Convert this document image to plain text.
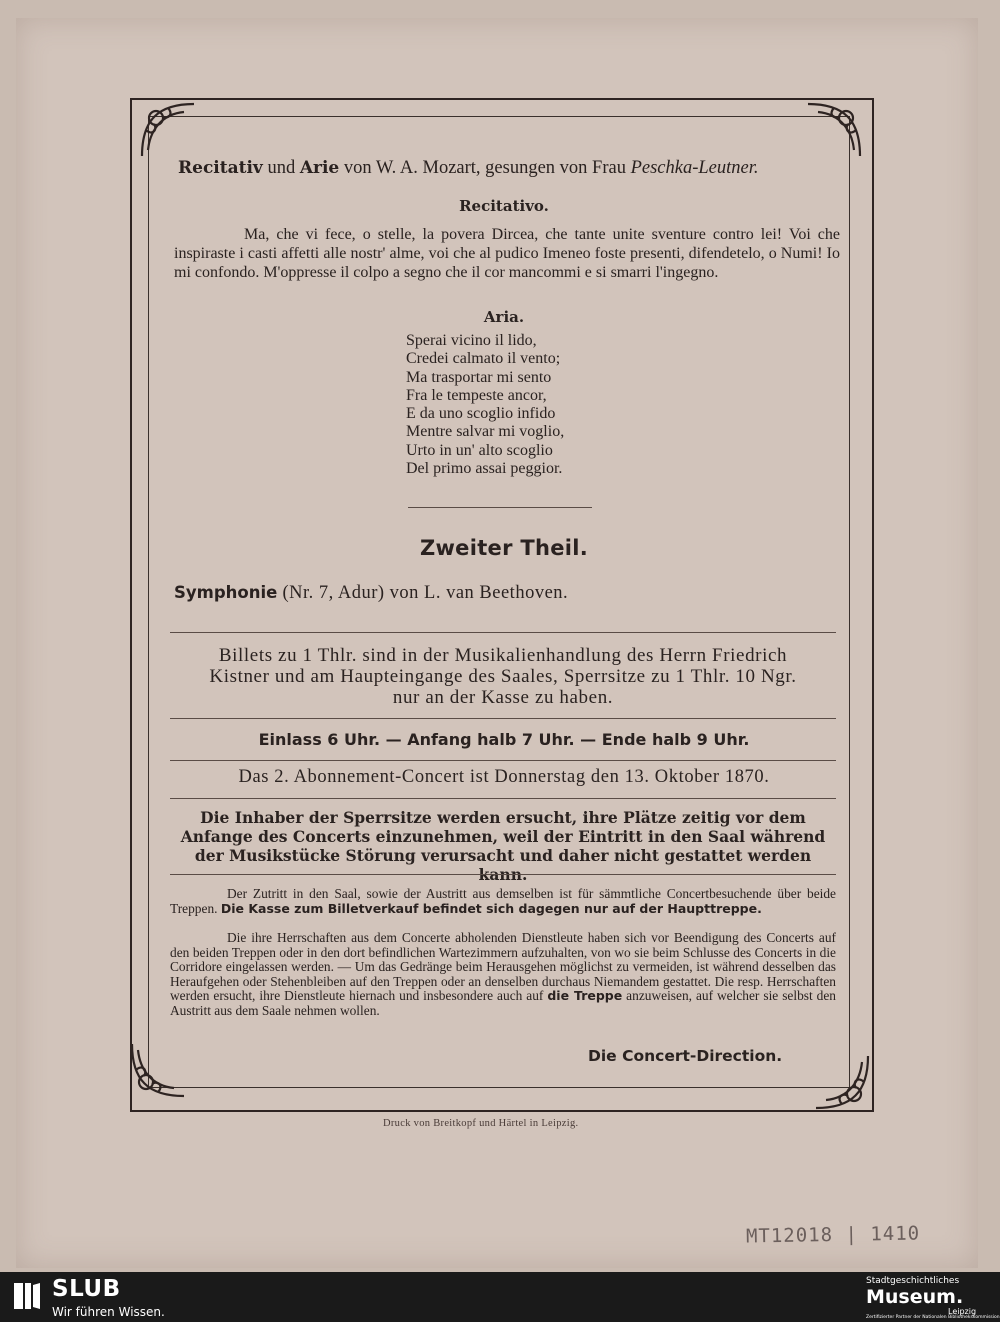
Recitativ und Arie von W. A. Mozart, gesungen von Frau Peschka-Leutner.
Recitativo.
Ma, che vi fece, o stelle, la povera Dircea, che tante unite sventure contro lei! Voi che inspiraste i casti affetti alle nostr' alme, voi che al pudico Imeneo foste presenti, difendetelo, o Numi! Io mi confondo. M'oppresse il colpo a segno che il cor mancommi e si smarri l'ingegno.
Aria.
Sperai vicino il lido,
Credei calmato il vento;
Ma trasportar mi sento
Fra le tempeste ancor,
E da uno scoglio infido
Mentre salvar mi voglio,
Urto in un' alto scoglio
Del primo assai peggior.
Zweiter Theil.
Symphonie (Nr. 7, Adur) von L. van Beethoven.
Billets zu 1 Thlr. sind in der Musikalienhandlung des Herrn Friedrich
Kistner und am Haupteingange des Saales, Sperrsitze zu 1 Thlr. 10 Ngr.
nur an der Kasse zu haben.
Einlass 6 Uhr. — Anfang halb 7 Uhr. — Ende halb 9 Uhr.
Das 2. Abonnement-Concert ist Donnerstag den 13. Oktober 1870.
Die Inhaber der Sperrsitze werden ersucht, ihre Plätze zeitig vor dem
Anfange des Concerts einzunehmen, weil der Eintritt in den Saal während
der Musikstücke Störung verursacht und daher nicht gestattet werden kann.
Der Zutritt in den Saal, sowie der Austritt aus demselben ist für sämmtliche Concertbesuchende über beide Treppen. Die Kasse zum Billetverkauf befindet sich dagegen nur auf der Haupttreppe.
Die ihre Herrschaften aus dem Concerte abholenden Dienstleute haben sich vor Beendigung des Concerts auf den beiden Treppen oder in den dort befindlichen Wartezimmern aufzuhalten, von wo sie beim Schlusse des Concerts in die Corridore eingelassen werden. — Um das Gedränge beim Herausgehen möglichst zu vermeiden, ist während desselben das Heraufgehen oder Stehenbleiben auf den Treppen oder an denselben durchaus Niemandem gestattet. Die resp. Herrschaften werden ersucht, ihre Dienstleute hiernach und insbesondere auch auf die Treppe anzuweisen, auf welcher sie selbst den Austritt aus dem Saale nehmen wollen.
Die Concert-Direction.
Druck von Breitkopf und Härtel in Leipzig.
MT12018 | 1410
SLUB
Wir führen Wissen.
Stadtgeschichtliches
Museum.
Leipzig
Zertifizierter Partner der Nationalen Bibliothekskommission
